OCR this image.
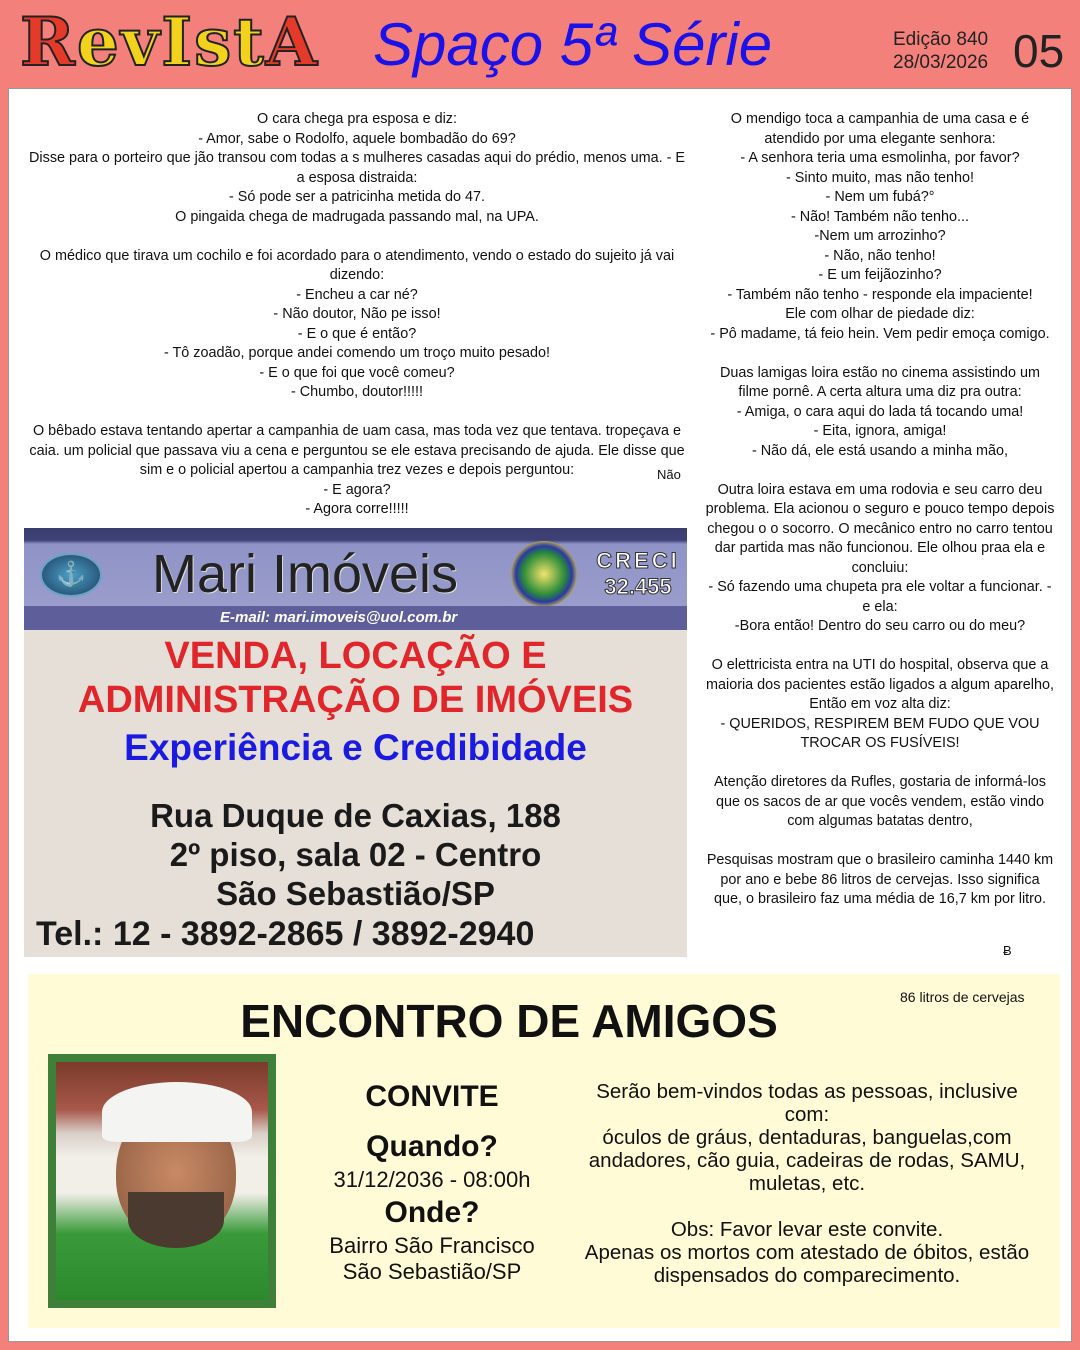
RevIstA Spaço 5ª Série	Edição 840
28/03/2026 05
O cara chega pra esposa e diz:
- Amor, sabe o Rodolfo, aquele bombadão do 69?
Disse para o porteiro que jão transou com todas a s mulheres casadas aqui do prédio, menos uma. - E a esposa distraida:
- Só pode ser a patricinha metida do 47.
O pingaida chega de madrugada passando mal, na UPA.

O médico que tirava um cochilo e foi acordado para o atendimento, vendo o estado do sujeito já vai dizendo:
- Encheu a car né?
- Não doutor, Não pe isso!
- E o que é então?
- Tô zoadão, porque andei comendo um troço muito pesado!
- E o que foi que você comeu?
- Chumbo, doutor!!!!!

O bêbado estava tentando apertar a campanhia de uam casa, mas toda vez que tentava. tropeçava e caia. um policial que passava viu a cena e perguntou se ele estava precisando de ajuda. Ele disse que sim e o policial apertou a campanhia trez vezes e depois perguntou:
- E agora?
- Agora corre!!!!!
Não
O mendigo toca a campanhia de uma casa e é atendido por uma elegante senhora:
- A senhora teria uma esmolinha, por favor?
- Sinto muito, mas não tenho!
- Nem um fubá?°
- Não! Também não tenho...
-Nem um arrozinho?
- Não, não tenho!
- E um feijãozinho?
- Também não tenho - responde ela impaciente!
Ele com olhar de piedade diz:
- Pô madame, tá feio hein. Vem pedir emoça comigo.

Duas lamigas loira estão no cinema assistindo um filme pornê. A certa altura uma diz pra outra:
- Amiga, o cara aqui do lada tá tocando uma!
- Eita, ignora, amiga!
- Não dá, ele está usando a minha mão,

Outra loira estava em uma rodovia e seu carro deu problema. Ela acionou o seguro e pouco tempo depois chegou o o socorro. O mecânico entro no carro tentou dar partida mas não funcionou. Ele olhou praa ela e concluiu:
- Só fazendo uma chupeta pra ele voltar a funcionar. - e ela:
-Bora então! Dentro do seu carro ou do meu?

O elettricista entra na UTI do hospital, observa que a maioria dos pacientes estão ligados a algum aparelho, Então em voz alta diz:
- QUERIDOS, RESPIREM BEM FUDO QUE VOU TROCAR OS FUSÍVEIS!

Atenção diretores da Rufles, gostaria de informá-los que os sacos de ar que vocês vendem, estão vindo com algumas batatas dentro,

Pesquisas mostram que o brasileiro caminha 1440 km por ano e bebe 86 litros de cervejas. Isso significa que, o brasileiro faz uma média de 16,7 km por litro.
Ƀ
⚓ Mari Imóveis	CRECI
32.455
E-mail: mari.imoveis@uol.com.br
VENDA, LOCAÇÃO E ADMINISTRAÇÃO DE IMÓVEIS
Experiência e Credibidade
Rua Duque de Caxias, 188
2º piso, sala 02 - Centro
São Sebastião/SP
Tel.: 12 - 3892-2865 / 3892-2940
ENCONTRO DE AMIGOS	86 litros de cervejas
CONVITE
Quando?
31/12/2036 - 08:00h
Onde?
Bairro São Francisco
São Sebastião/SP
Serão bem-vindos todas as pessoas, inclusive com:
óculos de gráus, dentaduras, banguelas,com andadores, cão guia, cadeiras de rodas, SAMU, muletas, etc.

Obs: Favor levar este convite.
Apenas os mortos com atestado de óbitos, estão dispensados do comparecimento.
